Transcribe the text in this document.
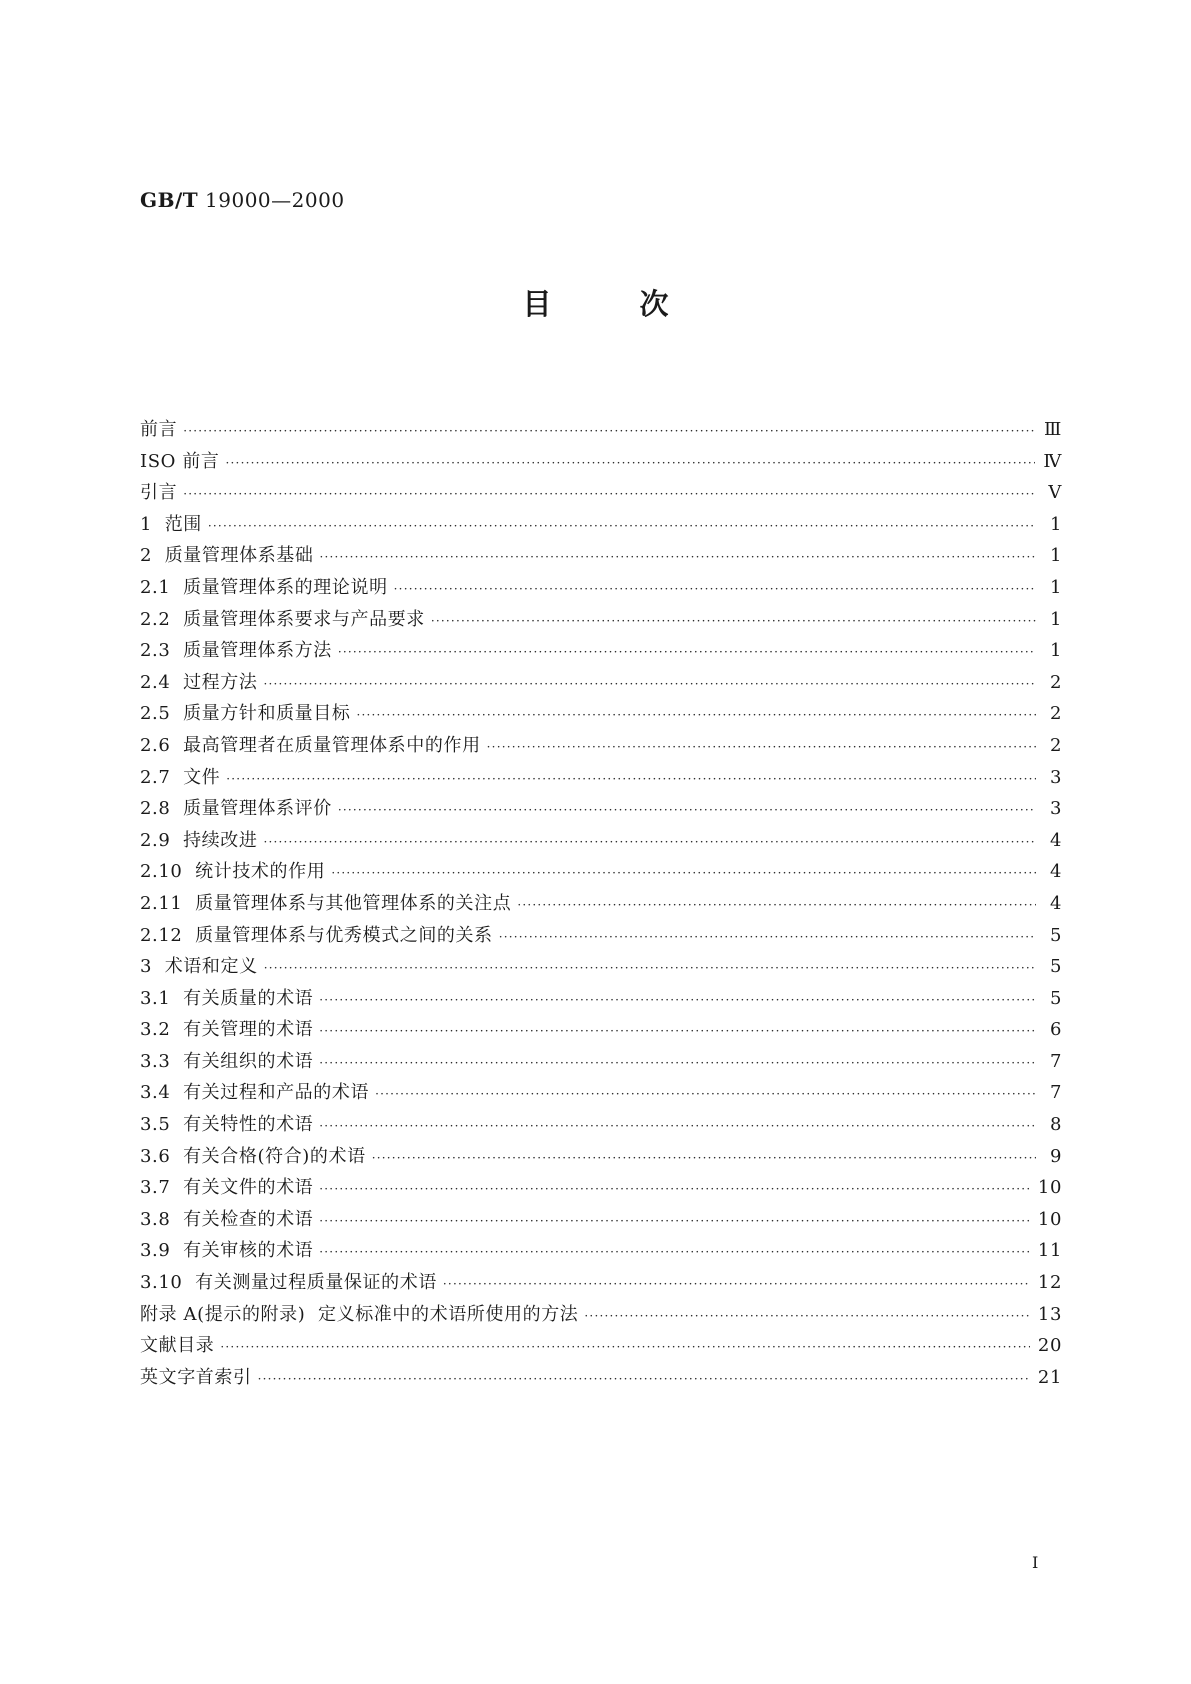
GB/T 19000—2000
目	次
前言 ·····	Ⅲ
ISO 前言 ·····	Ⅳ
引言 ·····	Ⅴ
1  范围 ·····	1
2  质量管理体系基础 ·····	1
2.1  质量管理体系的理论说明 ·····	1
2.2  质量管理体系要求与产品要求 ·····	1
2.3  质量管理体系方法 ·····	1
2.4  过程方法 ·····	2
2.5  质量方针和质量目标 ·····	2
2.6  最高管理者在质量管理体系中的作用 ·····	2
2.7  文件 ·····	3
2.8  质量管理体系评价 ·····	3
2.9  持续改进 ·····	4
2.10  统计技术的作用 ·····	4
2.11  质量管理体系与其他管理体系的关注点 ·····	4
2.12  质量管理体系与优秀模式之间的关系 ·····	5
3  术语和定义 ·····	5
3.1  有关质量的术语 ·····	5
3.2  有关管理的术语 ·····	6
3.3  有关组织的术语 ·····	7
3.4  有关过程和产品的术语 ·····	7
3.5  有关特性的术语 ·····	8
3.6  有关合格(符合)的术语 ·····	9
3.7  有关文件的术语 ·····	10
3.8  有关检查的术语 ·····	10
3.9  有关审核的术语 ·····	11
3.10  有关测量过程质量保证的术语 ·····	12
附录 A(提示的附录)  定义标准中的术语所使用的方法 ·····	13
文献目录 ·····	20
英文字首索引 ·····	21
I
